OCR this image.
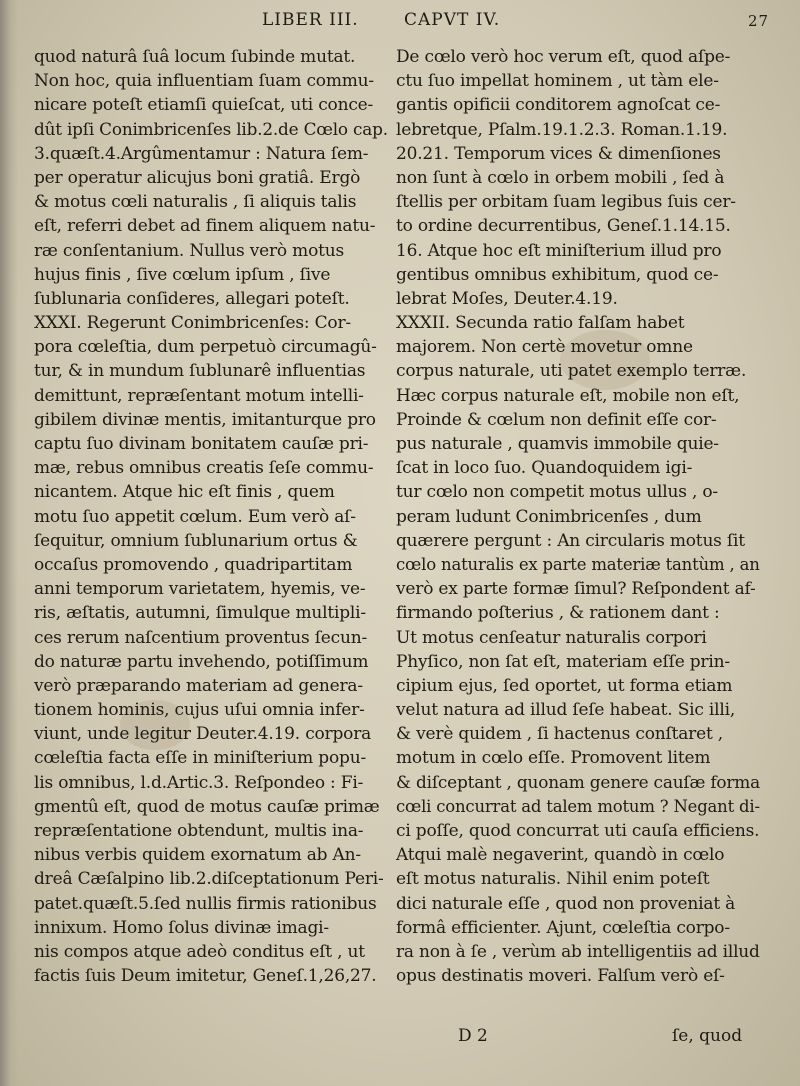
LIBER III.	CAPVT IV.	27
quod naturâ ſuâ locum ſubinde mutat.
Non hoc, quia influentiam ſuam commu-
nicare poteſt etiamſi quieſcat, uti conce-
dût ipſi Conimbricenſes lib.2.de Cœlo cap.
3.quæſt.4.Argûmentamur : Natura ſem-
per operatur alicujus boni gratiâ. Ergò
& motus cœli naturalis , ſi aliquis talis
eſt, referri debet ad finem aliquem natu-
ræ conſentanium. Nullus verò motus
hujus finis , ſive cœlum ipſum , ſive
ſublunaria conſideres, allegari poteſt.
XXXI. Regerunt Conimbricenſes: Cor-
pora cœleſtia, dum perpetuò circumagû-
tur, & in mundum ſublunarê influentias
demittunt, repræſentant motum intelli-
gibilem divinæ mentis, imitanturque pro
captu ſuo divinam bonitatem cauſæ pri-
mæ, rebus omnibus creatis ſeſe commu-
nicantem. Atque hic eſt finis , quem
motu ſuo appetit cœlum. Eum verò aſ-
ſequitur, omnium ſublunarium ortus &
occaſus promovendo , quadripartitam
anni temporum varietatem, hyemis, ve-
ris, æſtatis, autumni, ſimulque multipli-
ces rerum naſcentium proventus ſecun-
do naturæ partu invehendo, potiſſimum
verò præparando materiam ad genera-
tionem hominis, cujus uſui omnia infer-
viunt, unde legitur Deuter.4.19. corpora
cœleſtia facta eſſe in miniſterium popu-
lis omnibus, l.d.Artic.3. Reſpondeo : Fi-
gmentû eſt, quod de motus cauſæ primæ
repræſentatione obtendunt, multis ina-
nibus verbis quidem exornatum ab An-
dreâ Cæſalpino lib.2.diſceptationum Peri-
patet.quæſt.5.ſed nullis firmis rationibus
innixum. Homo ſolus divinæ imagi-
nis compos atque adeò conditus eſt , ut
factis ſuis Deum imitetur, Geneſ.1,26,27.
De cœlo verò hoc verum eſt, quod aſpe-
ctu ſuo impellat hominem , ut tàm ele-
gantis opificii conditorem agnoſcat ce-
lebretque, Pſalm.19.1.2.3. Roman.1.19.
20.21. Temporum vices & dimenſiones
non ſunt à cœlo in orbem mobili , ſed à
ſtellis per orbitam ſuam legibus ſuis cer-
to ordine decurrentibus, Geneſ.1.14.15.
16. Atque hoc eſt miniſterium illud pro
gentibus omnibus exhibitum, quod ce-
lebrat Moſes, Deuter.4.19.
XXXII. Secunda ratio falſam habet
majorem. Non certè movetur omne
corpus naturale, uti patet exemplo terræ.
Hæc corpus naturale eſt, mobile non eſt,
Proinde & cœlum non definit eſſe cor-
pus naturale , quamvis immobile quie-
ſcat in loco ſuo. Quandoquidem igi-
tur cœlo non competit motus ullus , o-
peram ludunt Conimbricenſes , dum
quærere pergunt : An circularis motus ſit
cœlo naturalis ex parte materiæ tantùm , an
verò ex parte formæ ſimul? Reſpondent af-
firmando poſterius , & rationem dant :
Ut motus cenſeatur naturalis corpori
Phyſico, non ſat eſt, materiam eſſe prin-
cipium ejus, ſed oportet, ut forma etiam
velut natura ad illud ſeſe habeat. Sic illi,
& verè quidem , ſi hactenus conſtaret ,
motum in cœlo eſſe. Promovent litem
& diſceptant , quonam genere cauſæ forma
cœli concurrat ad talem motum ? Negant di-
ci poſſe, quod concurrat uti cauſa efficiens.
Atqui malè negaverint, quandò in cœlo
eſt motus naturalis. Nihil enim poteſt
dici naturale eſſe , quod non proveniat à
formâ efficienter. Ajunt, cœleſtia corpo-
ra non à ſe , verùm ab intelligentiis ad illud
opus destinatis moveri. Falſum verò eſ-
D 2	ſe, quod
